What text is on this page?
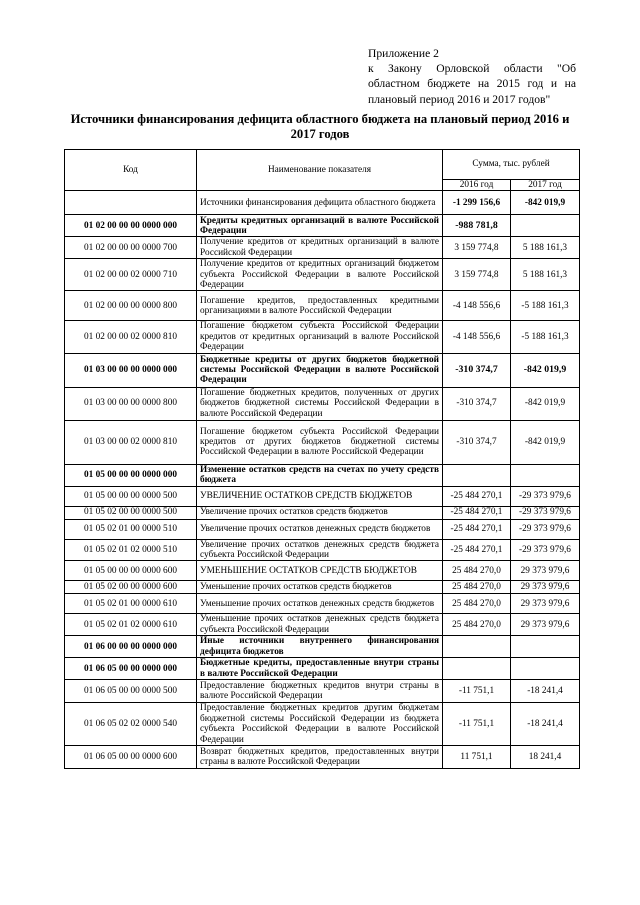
Приложение 2
к Закону Орловской области "Об областном бюджете на 2015 год и на плановый период 2016 и 2017 годов"
Источники финансирования дефицита областного бюджета на плановый период 2016 и 2017 годов
Код	Наименование показателя	Сумма, тыс. рублей	
		2016 год	2017 год
	Источники финансирования дефицита областного бюджета	-1 299 156,6	-842 019,9
01 02 00 00 00 0000 000	Кредиты кредитных организаций в валюте Российской Федерации	-988 781,8	
01 02 00 00 00 0000 700	Получение кредитов от кредитных организаций в валюте Российской Федерации	3 159 774,8	5 188 161,3
01 02 00 00 02 0000 710	Получение кредитов от кредитных организаций бюджетом субъекта Российской Федерации в валюте Российской Федерации	3 159 774,8	5 188 161,3
01 02 00 00 00 0000 800	Погашение кредитов, предоставленных кредитными организациями в валюте Российской Федерации	-4 148 556,6	-5 188 161,3
01 02 00 00 02 0000 810	Погашение бюджетом субъекта Российской Федерации кредитов от кредитных организаций в валюте Российской Федерации	-4 148 556,6	-5 188 161,3
01 03 00 00 00 0000 000	Бюджетные кредиты от других бюджетов бюджетной системы Российской Федерации в валюте Российской Федерации	-310 374,7	-842 019,9
01 03 00 00 00 0000 800	Погашение бюджетных кредитов, полученных от других бюджетов бюджетной системы Российской Федерации в валюте Российской Федерации	-310 374,7	-842 019,9
01 03 00 00 02 0000 810	Погашение бюджетом субъекта Российской Федерации кредитов от других бюджетов бюджетной системы Российской Федерации в валюте Российской Федерации	-310 374,7	-842 019,9
01 05 00 00 00 0000 000	Изменение остатков средств на счетах по учету средств бюджета		
01 05 00 00 00 0000 500	УВЕЛИЧЕНИЕ ОСТАТКОВ СРЕДСТВ БЮДЖЕТОВ	-25 484 270,1	-29 373 979,6
01 05 02 00 00 0000 500	Увеличение прочих остатков средств бюджетов	-25 484 270,1	-29 373 979,6
01 05 02 01 00 0000 510	Увеличение прочих остатков денежных средств бюджетов	-25 484 270,1	-29 373 979,6
01 05 02 01 02 0000 510	Увеличение прочих остатков денежных средств бюджета субъекта Российской Федерации	-25 484 270,1	-29 373 979,6
01 05 00 00 00 0000 600	УМЕНЬШЕНИЕ ОСТАТКОВ СРЕДСТВ БЮДЖЕТОВ	25 484 270,0	29 373 979,6
01 05 02 00 00 0000 600	Уменьшение прочих остатков средств бюджетов	25 484 270,0	29 373 979,6
01 05 02 01 00 0000 610	Уменьшение прочих остатков денежных средств бюджетов	25 484 270,0	29 373 979,6
01 05 02 01 02 0000 610	Уменьшение прочих остатков денежных средств бюджета субъекта Российской Федерации	25 484 270,0	29 373 979,6
01 06 00 00 00 0000 000	Иные источники внутреннего финансирования дефицита бюджетов		
01 06 05 00 00 0000 000	Бюджетные кредиты, предоставленные внутри страны в валюте Российской Федерации		
01 06 05 00 00 0000 500	Предоставление бюджетных кредитов внутри страны в валюте Российской Федерации	-11 751,1	-18 241,4
01 06 05 02 02 0000 540	Предоставление бюджетных кредитов другим бюджетам бюджетной системы Российской Федерации из бюджета субъекта Российской Федерации в валюте Российской Федерации	-11 751,1	-18 241,4
01 06 05 00 00 0000 600	Возврат бюджетных кредитов, предоставленных внутри страны в валюте Российской Федерации	11 751,1	18 241,4
